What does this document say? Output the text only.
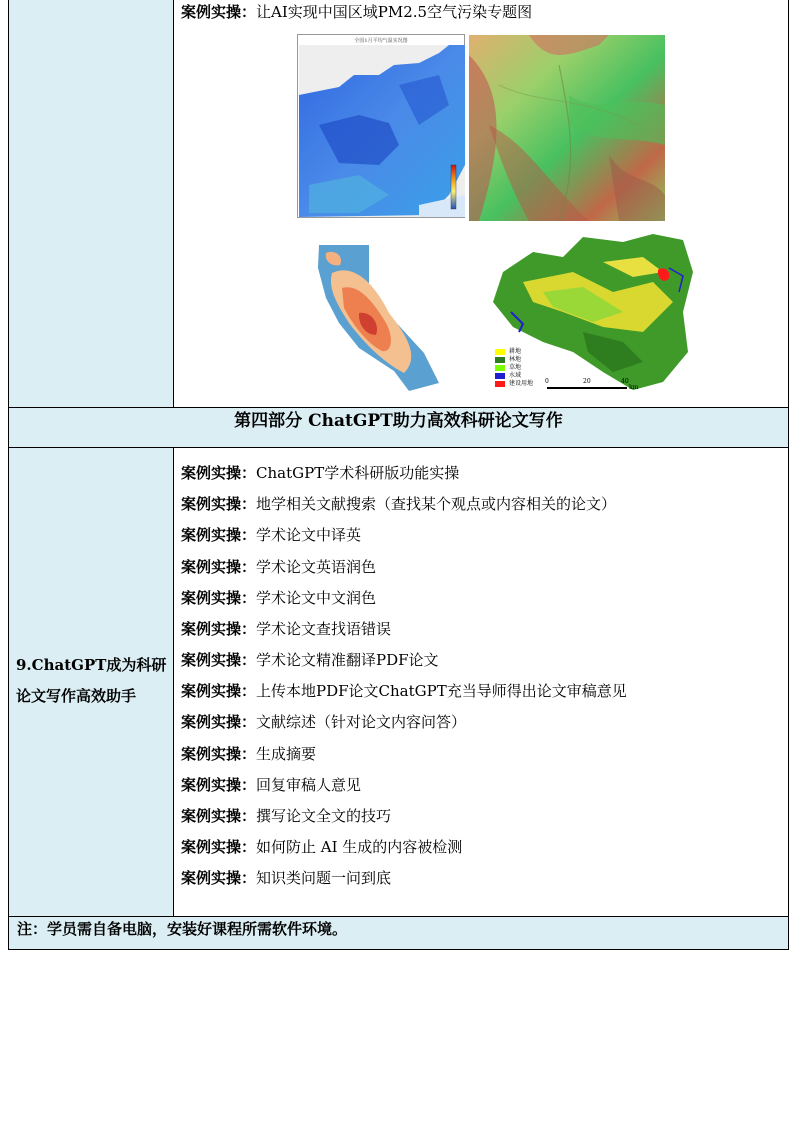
案例实操：让AI实现中国区域PM2.5空气污染专题图
全国1月平均气温实况图
耕地
林地
草地
水域
建设用地 0	20	40
km
第四部分 ChatGPT助力高效科研论文写作
9.ChatGPT成为科研
论文写作高效助手
案例实操：ChatGPT学术科研版功能实操
案例实操：地学相关文献搜索（查找某个观点或内容相关的论文）
案例实操：学术论文中译英
案例实操：学术论文英语润色
案例实操：学术论文中文润色
案例实操：学术论文查找语错误
案例实操：学术论文精准翻译PDF论文
案例实操：上传本地PDF论文ChatGPT充当导师得出论文审稿意见
案例实操：文献综述（针对论文内容问答）
案例实操：生成摘要
案例实操：回复审稿人意见
案例实操：撰写论文全文的技巧
案例实操：如何防止 AI 生成的内容被检测
案例实操：知识类问题一问到底
注：学员需自备电脑，安装好课程所需软件环境。
